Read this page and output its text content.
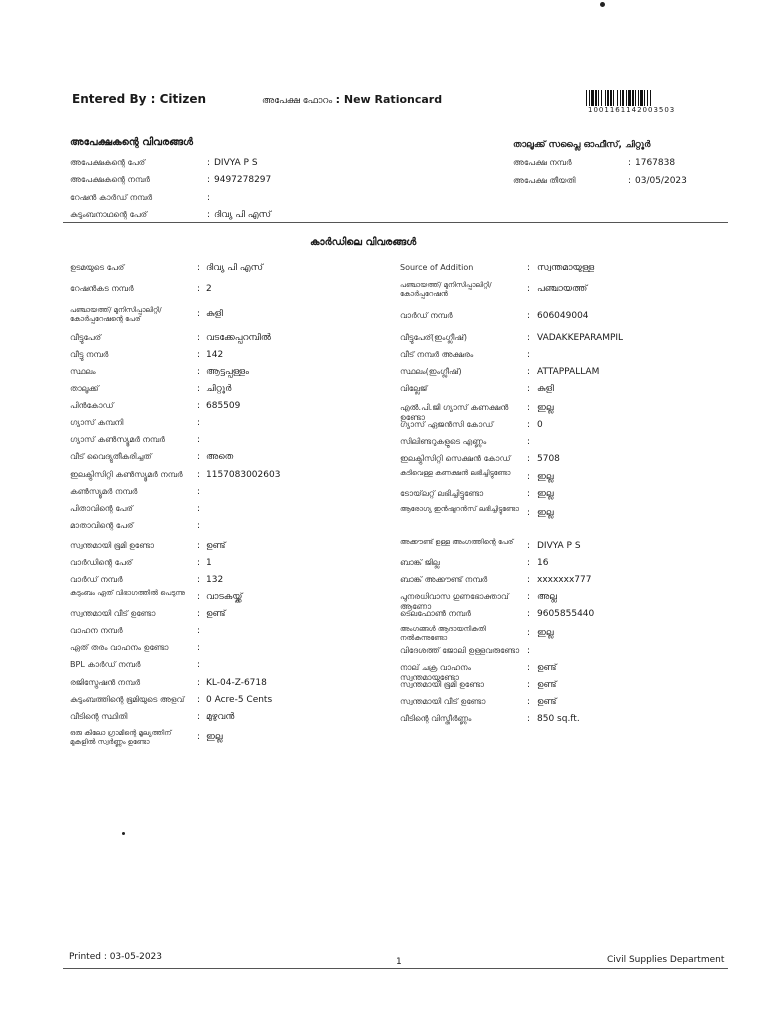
Entered By : Citizen	അപേക്ഷ ഫോറം : New Rationcard
1001161142003503
അപേക്ഷകന്റെ വിവരങ്ങൾ
അപേക്ഷകന്റെ പേര്	: DIVYA P S
അപേക്ഷകന്റെ നമ്പർ	: 9497278297
റേഷൻ കാർഡ് നമ്പർ	:
കുടുംബനാഥന്റെ പേര്	: ദിവ്യ പി എസ്
താലൂക്ക് സപ്ലൈ ഓഫീസ്, ചിറ്റൂർ
അപേക്ഷ നമ്പർ	: 1767838
അപേക്ഷ തീയതി	: 03/05/2023
കാർഡിലെ വിവരങ്ങൾ
ഉടമയുടെ പേര്	: ദിവ്യ പി എസ്
റേഷൻകട നമ്പർ	: 2
പഞ്ചായത്ത്/ മുനിസിപ്പാലിറ്റി/ കോർപ്പറേഷന്റെ പേര്	: കുളി
വീട്ടുപേര്	: വടക്കേപ്പറമ്പിൽ
വീട്ടു നമ്പർ	: 142
സ്ഥലം	: ആട്ടപ്പള്ളം
താലൂക്ക്	: ചിറ്റൂർ
പിൻകോഡ്	: 685509
ഗ്യാസ് കമ്പനി	:
ഗ്യാസ് കൺസ്യൂമർ നമ്പർ	:
വീട് വൈദ്യുതീകരിച്ചത്	: അതെ
ഇലക്ട്രിസിറ്റി കൺസ്യൂമർ നമ്പർ	: 1157083002603
കൺസ്യൂമർ നമ്പർ	:
പിതാവിന്റെ പേര്	:
മാതാവിന്റെ പേര്	:
സ്വന്തമായി ഭൂമി ഉണ്ടോ	: ഉണ്ട്
വാർഡിന്റെ പേര്	: 1
വാർഡ് നമ്പർ	: 132
കുടുംബം ഏത് വിഭാഗത്തിൽ പെടുന്നു	: വാടകയ്ക്ക്
സ്വന്തമായി വീട് ഉണ്ടോ	: ഉണ്ട്
വാഹന നമ്പർ	:
ഏത് തരം വാഹനം ഉണ്ടോ	:
BPL കാർഡ് നമ്പർ	:
രജിസ്ട്രേഷൻ നമ്പർ	: KL-04-Z-6718
കുടുംബത്തിന്റെ ഭൂമിയുടെ അളവ്	: 0 Acre-5 Cents
വീടിന്റെ സ്ഥിതി	: മുഴുവൻ
ഒരു കിലോ ഗ്രാമിന്റെ മൂല്യത്തിന് മുകളിൽ സ്വർണ്ണം ഉണ്ടോ	: ഇല്ല
Source of Addition	: സ്വന്തമായുള്ള
പഞ്ചായത്ത്/ മുനിസിപ്പാലിറ്റി/ കോർപ്പറേഷൻ	: പഞ്ചായത്ത്
വാർഡ് നമ്പർ	: 606049004
വീട്ടുപേര്(ഇംഗ്ലീഷ്)	: VADAKKEPARAMPIL
വീട് നമ്പർ അക്ഷരം	:
സ്ഥലം(ഇംഗ്ലീഷ്)	: ATTAPPALLAM
വില്ലേജ്	: കുളി
എൽ.പി.ജി ഗ്യാസ് കണക്ഷൻ ഉണ്ടോ
: ഇല്ല
ഗ്യാസ് ഏജൻസി കോഡ്	: 0
സിലിണ്ടറുകളുടെ എണ്ണം	:
ഇലക്ട്രിസിറ്റി സെക്ഷൻ കോഡ്	: 5708
കുടിവെള്ള കണക്ഷൻ ലഭിച്ചിട്ടുണ്ടോ	: ഇല്ല
ടോയ്‌ലറ്റ് ലഭിച്ചിട്ടുണ്ടോ	: ഇല്ല
ആരോഗ്യ ഇൻഷുറൻസ് ലഭിച്ചിട്ടുണ്ടോ : ഇല്ല
അക്കൗണ്ട് ഉള്ള അംഗത്തിന്റെ പേര്	: DIVYA P S
ബാങ്ക് ജില്ല	: 16
ബാങ്ക് അക്കൗണ്ട് നമ്പർ	: xxxxxxx777
പുനരധിവാസ ഗുണഭോക്താവ് ആണോ
: അല്ല
ടെലഫോൺ നമ്പർ	: 9605855440
അംഗങ്ങൾ ആദായനികുതി നൽകുന്നുണ്ടോ	: ഇല്ല
വിദേശത്ത് ജോലി ഉള്ളവരുണ്ടോ :
നാല് ചക്ര വാഹനം സ്വന്തമായുണ്ടോ
: ഉണ്ട്
സ്വന്തമായി ഭൂമി ഉണ്ടോ	: ഉണ്ട്
സ്വന്തമായി വീട് ഉണ്ടോ	: ഉണ്ട്
വീടിന്റെ വിസ്തീർണ്ണം	: 850 sq.ft.
Printed : 03-05-2023	1	Civil Supplies Department
